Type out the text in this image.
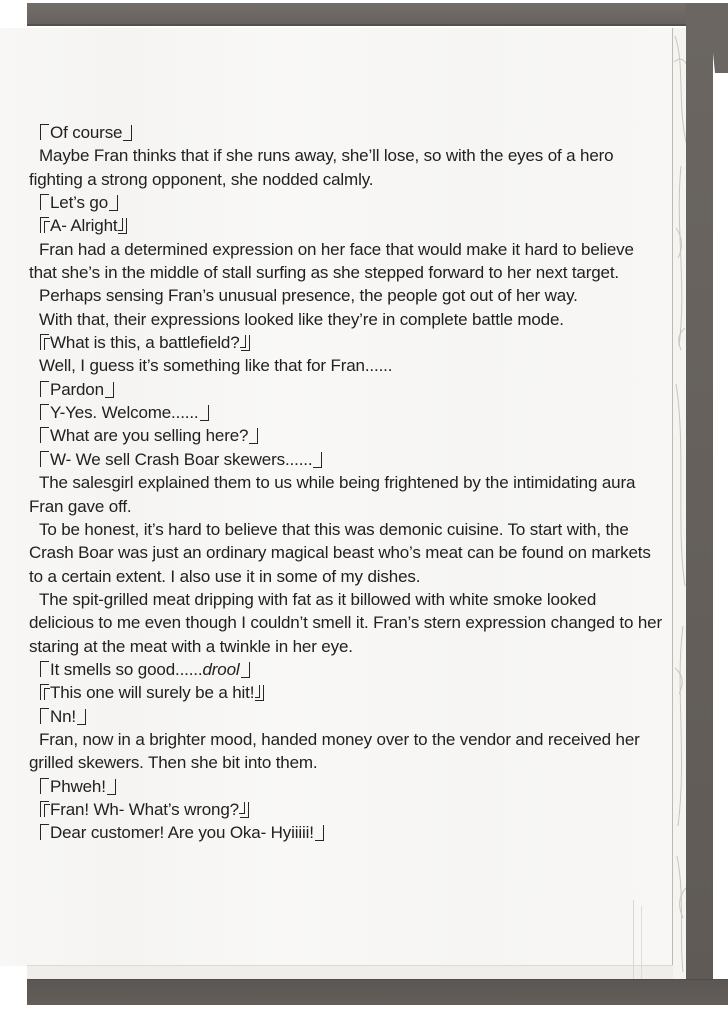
Of course

Maybe Fran thinks that if she runs away, she’ll lose, so with the eyes of a hero fighting a strong opponent, she nodded calmly.

Let’s go

A- Alright

Fran had a determined expression on her face that would make it hard to believe that she’s in the middle of stall surfing as she stepped forward to her next target.

Perhaps sensing Fran’s unusual presence, the people got out of her way.

With that, their expressions looked like they’re in complete battle mode.

What is this, a battlefield?

Well, I guess it’s something like that for Fran......

Pardon

Y-Yes. Welcome......

What are you selling here?

W- We sell Crash Boar skewers......

The salesgirl explained them to us while being frightened by the intimidating aura Fran gave off.

To be honest, it’s hard to believe that this was demonic cuisine. To start with, the Crash Boar was just an ordinary magical beast who’s meat can be found on markets to a certain extent. I also use it in some of my dishes.

The spit-grilled meat dripping with fat as it billowed with white smoke looked delicious to me even though I couldn’t smell it. Fran’s stern expression changed to her staring at the meat with a twinkle in her eye.

It smells so good......drool

This one will surely be a hit!

Nn!

Fran, now in a brighter mood, handed money over to the vendor and received her grilled skewers. Then she bit into them.

Phweh!

Fran! Wh- What’s wrong?

Dear customer! Are you Oka- Hyiiiii!
